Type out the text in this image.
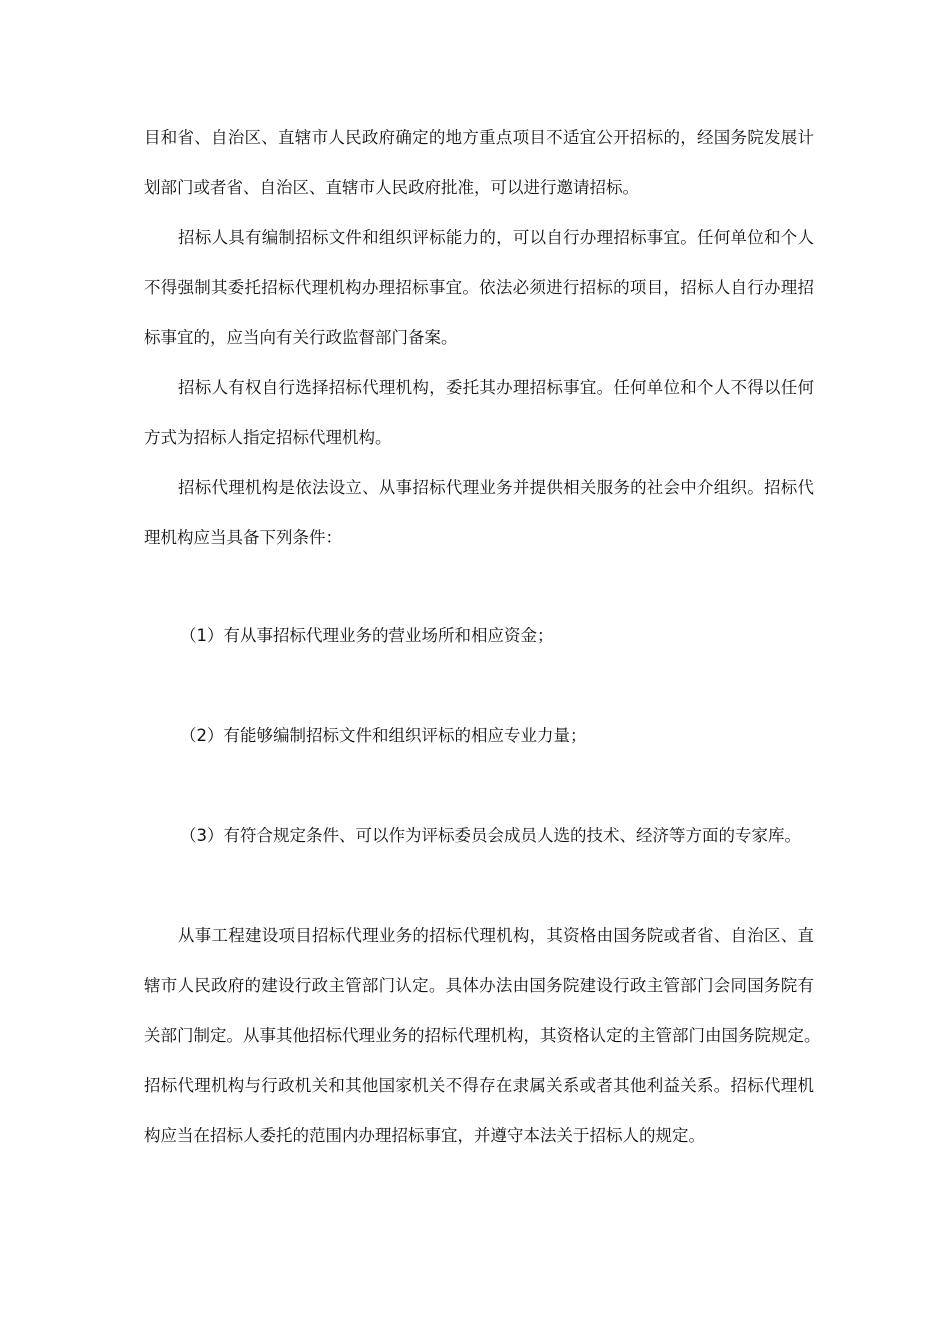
目和省、自治区、直辖市人民政府确定的地方重点项目不适宜公开招标的，经国务院发展计
划部门或者省、自治区、直辖市人民政府批准，可以进行邀请招标。
招标人具有编制招标文件和组织评标能力的，可以自行办理招标事宜。任何单位和个人
不得强制其委托招标代理机构办理招标事宜。依法必须进行招标的项目，招标人自行办理招
标事宜的，应当向有关行政监督部门备案。
招标人有权自行选择招标代理机构，委托其办理招标事宜。任何单位和个人不得以任何
方式为招标人指定招标代理机构。
招标代理机构是依法设立、从事招标代理业务并提供相关服务的社会中介组织。招标代
理机构应当具备下列条件：
（1）有从事招标代理业务的营业场所和相应资金；
（2）有能够编制招标文件和组织评标的相应专业力量；
（3）有符合规定条件、可以作为评标委员会成员人选的技术、经济等方面的专家库。
从事工程建设项目招标代理业务的招标代理机构，其资格由国务院或者省、自治区、直
辖市人民政府的建设行政主管部门认定。具体办法由国务院建设行政主管部门会同国务院有
关部门制定。从事其他招标代理业务的招标代理机构，其资格认定的主管部门由国务院规定。
招标代理机构与行政机关和其他国家机关不得存在隶属关系或者其他利益关系。招标代理机
构应当在招标人委托的范围内办理招标事宜，并遵守本法关于招标人的规定。
